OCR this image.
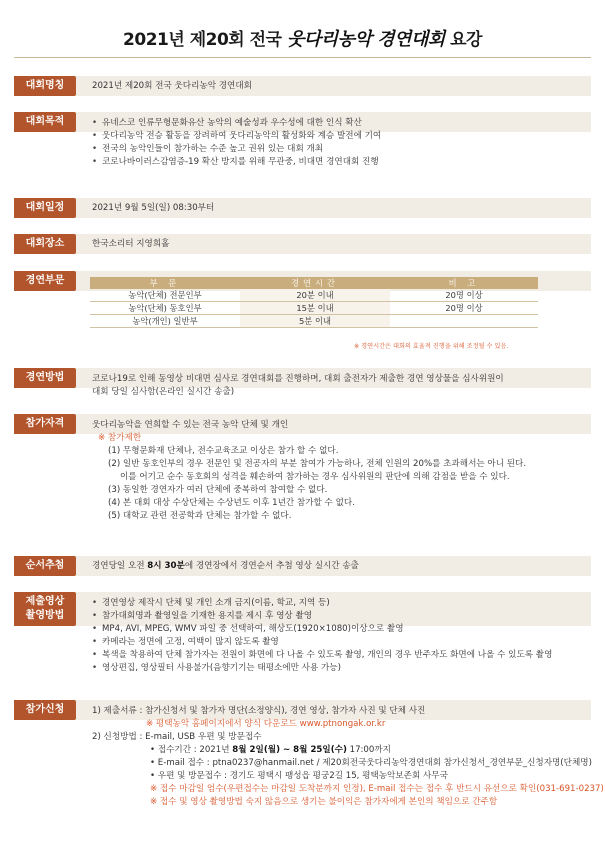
2021년 제20회 전국 웃다리농악 경연대회 요강
대회명칭	2021년 제20회 전국 웃다리농악 경연대회
대회목적	• 유네스코 인류무형문화유산 농악의 예술성과 우수성에 대한 인식 확산
• 웃다리농악 전승 활동을 장려하여 웃다리농악의 활성화와 계승 발전에 기여
• 전국의 농악인들이 참가하는 수준 높고 권위 있는 대회 개최
• 코로나바이러스감염증-19 확산 방지를 위해 무관중, 비대면 경연대회 진행
대회일정	2021년 9월 5일(일) 08:30부터
대회장소	한국소리터 지영희홀
경연부문	부 문	경연시간	비 고
농악(단체) 전문인부	20분 이내	20명 이상
농악(단체) 동호인부	15분 이내	20명 이상
농악(개인) 일반부	5분 이내	
※ 경연시간은 대회의 효율적 진행을 위해 조정될 수 있음.
경연방법	코로나19로 인해 동영상 비대면 심사로 경연대회를 진행하며, 대회 출전자가 제출한 경연 영상물을 심사위원이
대회 당일 심사함(온라인 실시간 송출)
참가자격	웃다리농악을 연희할 수 있는 전국 농악 단체 및 개인
※ 참가제한
(1) 무형문화재 단체나, 전수교육조교 이상은 참가 할 수 없다.
(2) 일반 동호인부의 경우 전문인 및 전공자의 부분 참여가 가능하나, 전체 인원의 20%를 초과해서는 아니 된다.
이를 어기고 순수 동호회의 성격을 훼손하여 참가하는 경우 심사위원의 판단에 의해 감점을 받을 수 있다.
(3) 동일한 경연자가 여러 단체에 중복하여 참여할 수 없다.
(4) 본 대회 대상 수상단체는 수상년도 이후 1년간 참가할 수 없다.
(5) 대학교 관련 전공학과 단체는 참가할 수 없다.
순서추첨	경연당일 오전 8시 30분에 경연장에서 경연순서 추첨 영상 실시간 송출
제출영상
촬영방법
• 경연영상 제작시 단체 및 개인 소개 금지(이름, 학교, 지역 등)
• 참가대회명과 촬영일을 기재한 용지를 제시 후 영상 촬영
• MP4, AVI, MPEG, WMV 파일 중 선택하여, 해상도(1920×1080)이상으로 촬영
• 카메라는 정면에 고정, 여백이 많지 않도록 촬영
• 복색을 착용하여 단체 참가자는 전원이 화면에 다 나올 수 있도록 촬영, 개인의 경우 반주자도 화면에 나올 수 있도록 촬영
• 영상편집, 영상필터 사용불가(음향기기는 태평소에만 사용 가능)
참가신청	1) 제출서류 : 참가신청서 및 참가자 명단(소정양식), 경연 영상, 참가자 사진 및 단체 사진
※ 평택농악 홈페이지에서 양식 다운로드 www.ptnongak.or.kr
2) 신청방법 : E-mail, USB 우편 및 방문접수
• 접수기간 : 2021년 8월 2일(월) ~ 8월 25일(수) 17:00까지
• E-mail 접수 : ptna0237@hanmail.net / 제20회전국웃다리농악경연대회 참가신청서_경연부문_신청자명(단체명)
• 우편 및 방문접수 : 경기도 평택시 팽성읍 평궁2길 15, 평택농악보존회 사무국
※ 접수 마감일 엄수(우편접수는 마감일 도착분까지 인정), E-mail 접수는 접수 후 반드시 유선으로 확인(031-691-0237)
※ 접수 및 영상 촬영방법 숙지 않음으로 생기는 불이익은 참가자에게 본인의 책임으로 간주함
